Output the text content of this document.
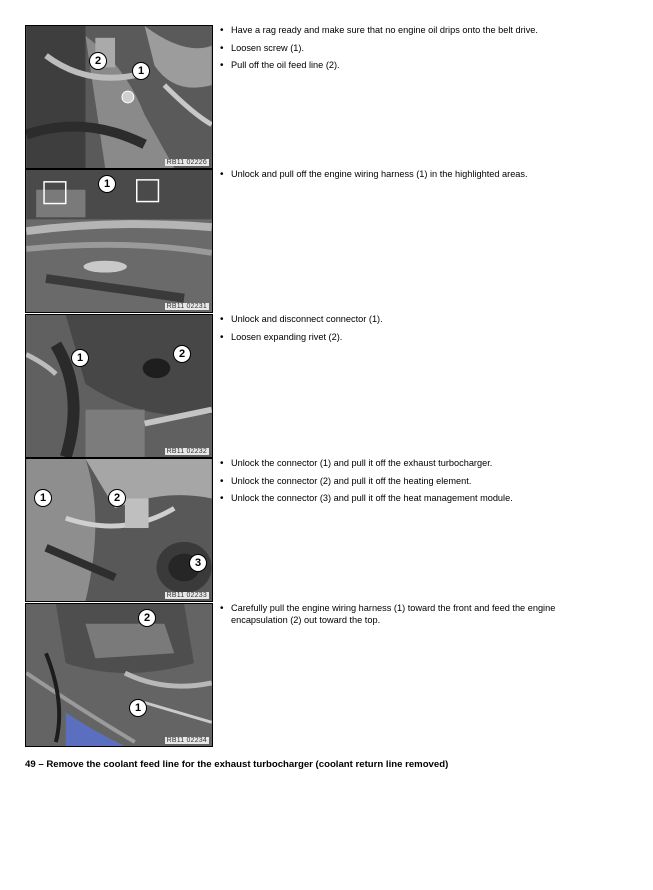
1
2
RB11 02226
• Have a rag ready and make sure that no engine oil drips onto the belt drive.
• Loosen screw (1).
• Pull off the oil feed line (2).
1
RB11 02231
• Unlock and pull off the engine wiring harness (1) in the highlighted areas.
1	2
RB11 02232
• Unlock and disconnect connector (1).
• Loosen expanding rivet (2).
1	2
3
RB11 02233
• Unlock the connector (1) and pull it off the exhaust turbocharger.
• Unlock the connector (2) and pull it off the heating element.
• Unlock the connector (3) and pull it off the heat management module.
2
1
RB11 02234
• Carefully pull the engine wiring harness (1) toward the front and feed the engine encapsulation (2) out toward the top.
49 – Remove the coolant feed line for the exhaust turbocharger (coolant return line removed)
